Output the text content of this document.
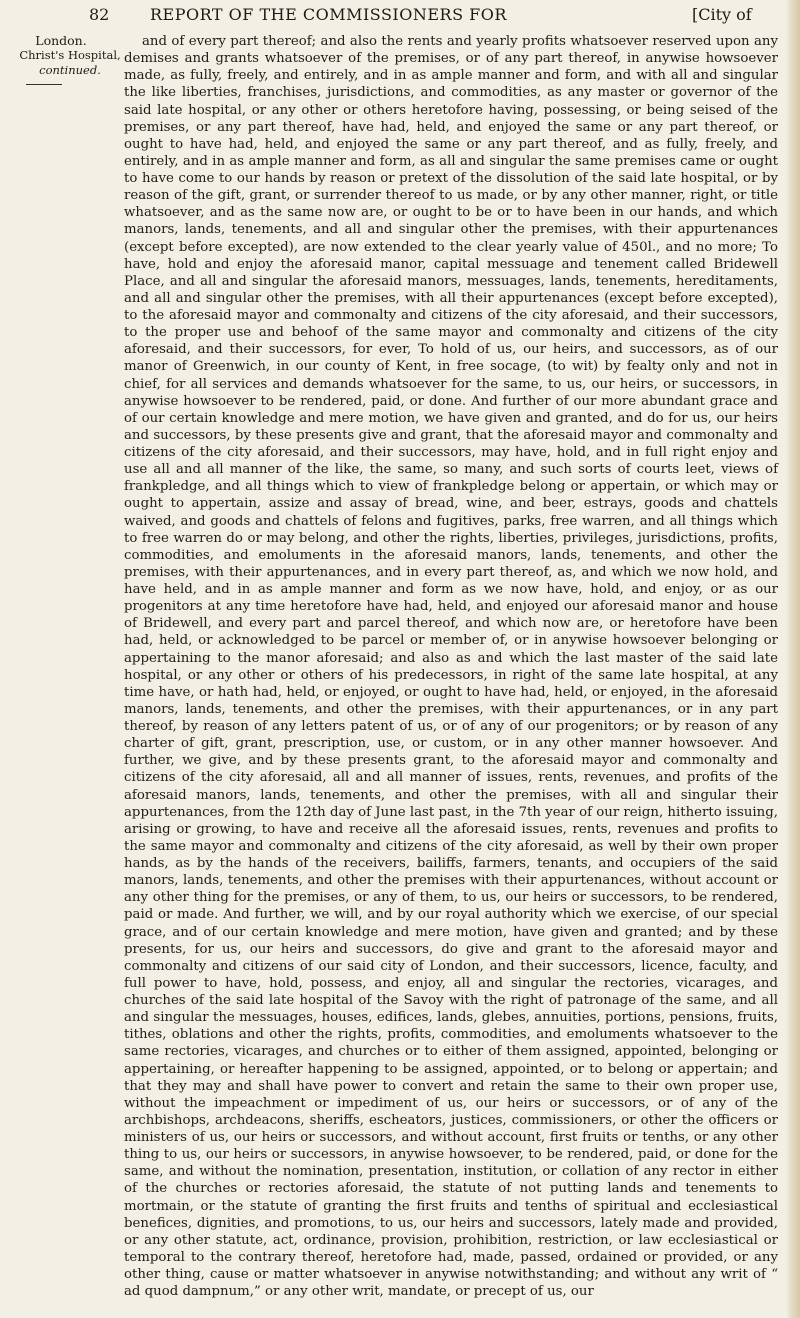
82	REPORT OF THE COMMISSIONERS FOR	[City of
London.
Christ's Hospital,
continued.

and of every part thereof; and also the rents and yearly profits whatsoever reserved upon any demises and grants whatsoever of the premises, or of any part thereof, in anywise howsoever made, as fully, freely, and entirely, and in as ample manner and form, and with all and singular the like liberties, franchises, jurisdictions, and commodities, as any master or governor of the said late hospital, or any other or others heretofore having, possessing, or being seised of the premises, or any part thereof, have had, held, and enjoyed the same or any part thereof, or ought to have had, held, and enjoyed the same or any part thereof, and as fully, freely, and entirely, and in as ample manner and form, as all and singular the same premises came or ought to have come to our hands by reason or pretext of the dissolution of the said late hospital, or by reason of the gift, grant, or surrender thereof to us made, or by any other manner, right, or title whatsoever, and as the same now are, or ought to be or to have been in our hands, and which manors, lands, tenements, and all and singular other the premises, with their appurtenances (except before excepted), are now extended to the clear yearly value of 450l., and no more; To have, hold and enjoy the aforesaid manor, capital messuage and tenement called Bridewell Place, and all and singular the aforesaid manors, messuages, lands, tenements, hereditaments, and all and singular other the premises, with all their appurtenances (except before excepted), to the aforesaid mayor and commonalty and citizens of the city aforesaid, and their successors, to the proper use and behoof of the same mayor and commonalty and citizens of the city aforesaid, and their successors, for ever, To hold of us, our heirs, and successors, as of our manor of Greenwich, in our county of Kent, in free socage, (to wit) by fealty only and not in chief, for all services and demands whatsoever for the same, to us, our heirs, or successors, in anywise howsoever to be rendered, paid, or done. And further of our more abundant grace and of our certain knowledge and mere motion, we have given and granted, and do for us, our heirs and successors, by these presents give and grant, that the aforesaid mayor and commonalty and citizens of the city aforesaid, and their successors, may have, hold, and in full right enjoy and use all and all manner of the like, the same, so many, and such sorts of courts leet, views of frankpledge, and all things which to view of frankpledge belong or appertain, or which may or ought to appertain, assize and assay of bread, wine, and beer, estrays, goods and chattels waived, and goods and chattels of felons and fugitives, parks, free warren, and all things which to free warren do or may belong, and other the rights, liberties, privileges, jurisdictions, profits, commodities, and emoluments in the aforesaid manors, lands, tenements, and other the premises, with their appurtenances, and in every part thereof, as, and which we now hold, and have held, and in as ample manner and form as we now have, hold, and enjoy, or as our progenitors at any time heretofore have had, held, and enjoyed our aforesaid manor and house of Bridewell, and every part and parcel thereof, and which now are, or heretofore have been had, held, or acknowledged to be parcel or member of, or in anywise howsoever belonging or appertaining to the manor aforesaid; and also as and which the last master of the said late hospital, or any other or others of his predecessors, in right of the same late hospital, at any time have, or hath had, held, or enjoyed, or ought to have had, held, or enjoyed, in the aforesaid manors, lands, tenements, and other the premises, with their appurtenances, or in any part thereof, by reason of any letters patent of us, or of any of our progenitors; or by reason of any charter of gift, grant, prescription, use, or custom, or in any other manner howsoever. And further, we give, and by these presents grant, to the aforesaid mayor and commonalty and citizens of the city aforesaid, all and all manner of issues, rents, revenues, and profits of the aforesaid manors, lands, tenements, and other the premises, with all and singular their appurtenances, from the 12th day of June last past, in the 7th year of our reign, hitherto issuing, arising or growing, to have and receive all the aforesaid issues, rents, revenues and profits to the same mayor and commonalty and citizens of the city aforesaid, as well by their own proper hands, as by the hands of the receivers, bailiffs, farmers, tenants, and occupiers of the said manors, lands, tenements, and other the premises with their appurtenances, without account or any other thing for the premises, or any of them, to us, our heirs or successors, to be rendered, paid or made. And further, we will, and by our royal authority which we exercise, of our special grace, and of our certain knowledge and mere motion, have given and granted; and by these presents, for us, our heirs and successors, do give and grant to the aforesaid mayor and commonalty and citizens of our said city of London, and their successors, licence, faculty, and full power to have, hold, possess, and enjoy, all and singular the rectories, vicarages, and churches of the said late hospital of the Savoy with the right of patronage of the same, and all and singular the messuages, houses, edifices, lands, glebes, annuities, portions, pensions, fruits, tithes, oblations and other the rights, profits, commodities, and emoluments whatsoever to the same rectories, vicarages, and churches or to either of them assigned, appointed, belonging or appertaining, or hereafter happening to be assigned, appointed, or to belong or appertain; and that they may and shall have power to convert and retain the same to their own proper use, without the impeachment or impediment of us, our heirs or successors, or of any of the archbishops, archdeacons, sheriffs, escheators, justices, commissioners, or other the officers or ministers of us, our heirs or successors, and without account, first fruits or tenths, or any other thing to us, our heirs or successors, in anywise howsoever, to be rendered, paid, or done for the same, and without the nomination, presentation, institution, or collation of any rector in either of the churches or rectories aforesaid, the statute of not putting lands and tenements to mortmain, or the statute of granting the first fruits and tenths of spiritual and ecclesiastical benefices, dignities, and promotions, to us, our heirs and successors, lately made and provided, or any other statute, act, ordinance, provision, prohibition, restriction, or law ecclesiastical or temporal to the contrary thereof, heretofore had, made, passed, ordained or provided, or any other thing, cause or matter whatsoever in anywise notwithstanding; and without any writ of “ ad quod dampnum,” or any other writ, mandate, or precept of us, our
